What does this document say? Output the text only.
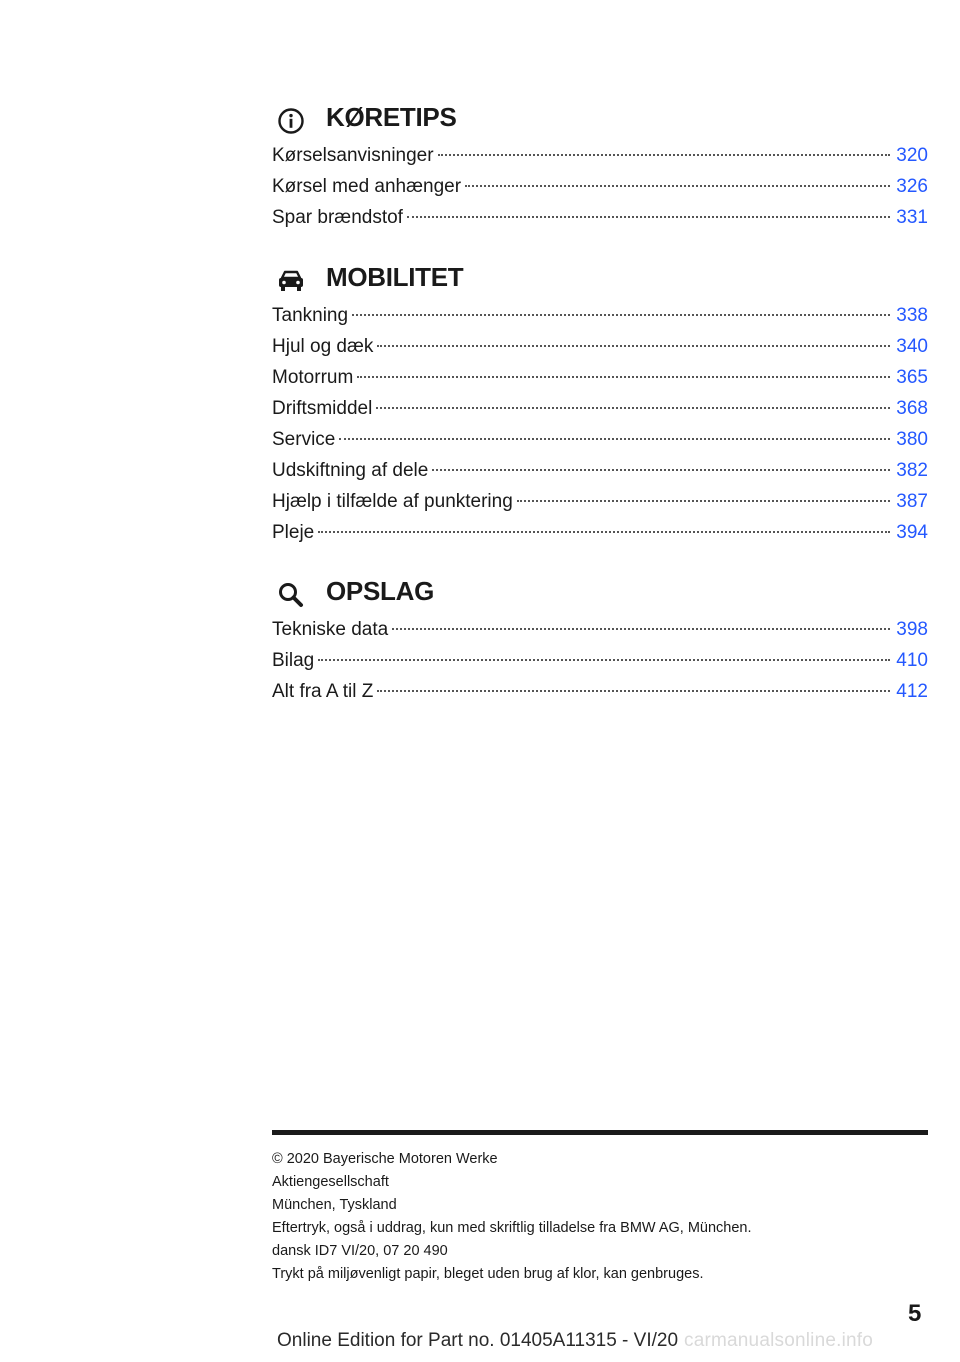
KØRETIPS
Kørselsanvisninger	320
Kørsel med anhænger	326
Spar brændstof	331
MOBILITET
Tankning	338
Hjul og dæk	340
Motorrum	365
Driftsmiddel	368
Service	380
Udskiftning af dele	382
Hjælp i tilfælde af punktering	387
Pleje	394
OPSLAG
Tekniske data	398
Bilag	410
Alt fra A til Z	412
© 2020 Bayerische Motoren Werke
Aktiengesellschaft
München, Tyskland
Eftertryk, også i uddrag, kun med skriftlig tilladelse fra BMW AG, München.
dansk ID7 VI/20, 07 20 490
Trykt på miljøvenligt papir, bleget uden brug af klor, kan genbruges.
5
Online Edition for Part no. 01405A11315 - VI/20 carmanualsonline.info
